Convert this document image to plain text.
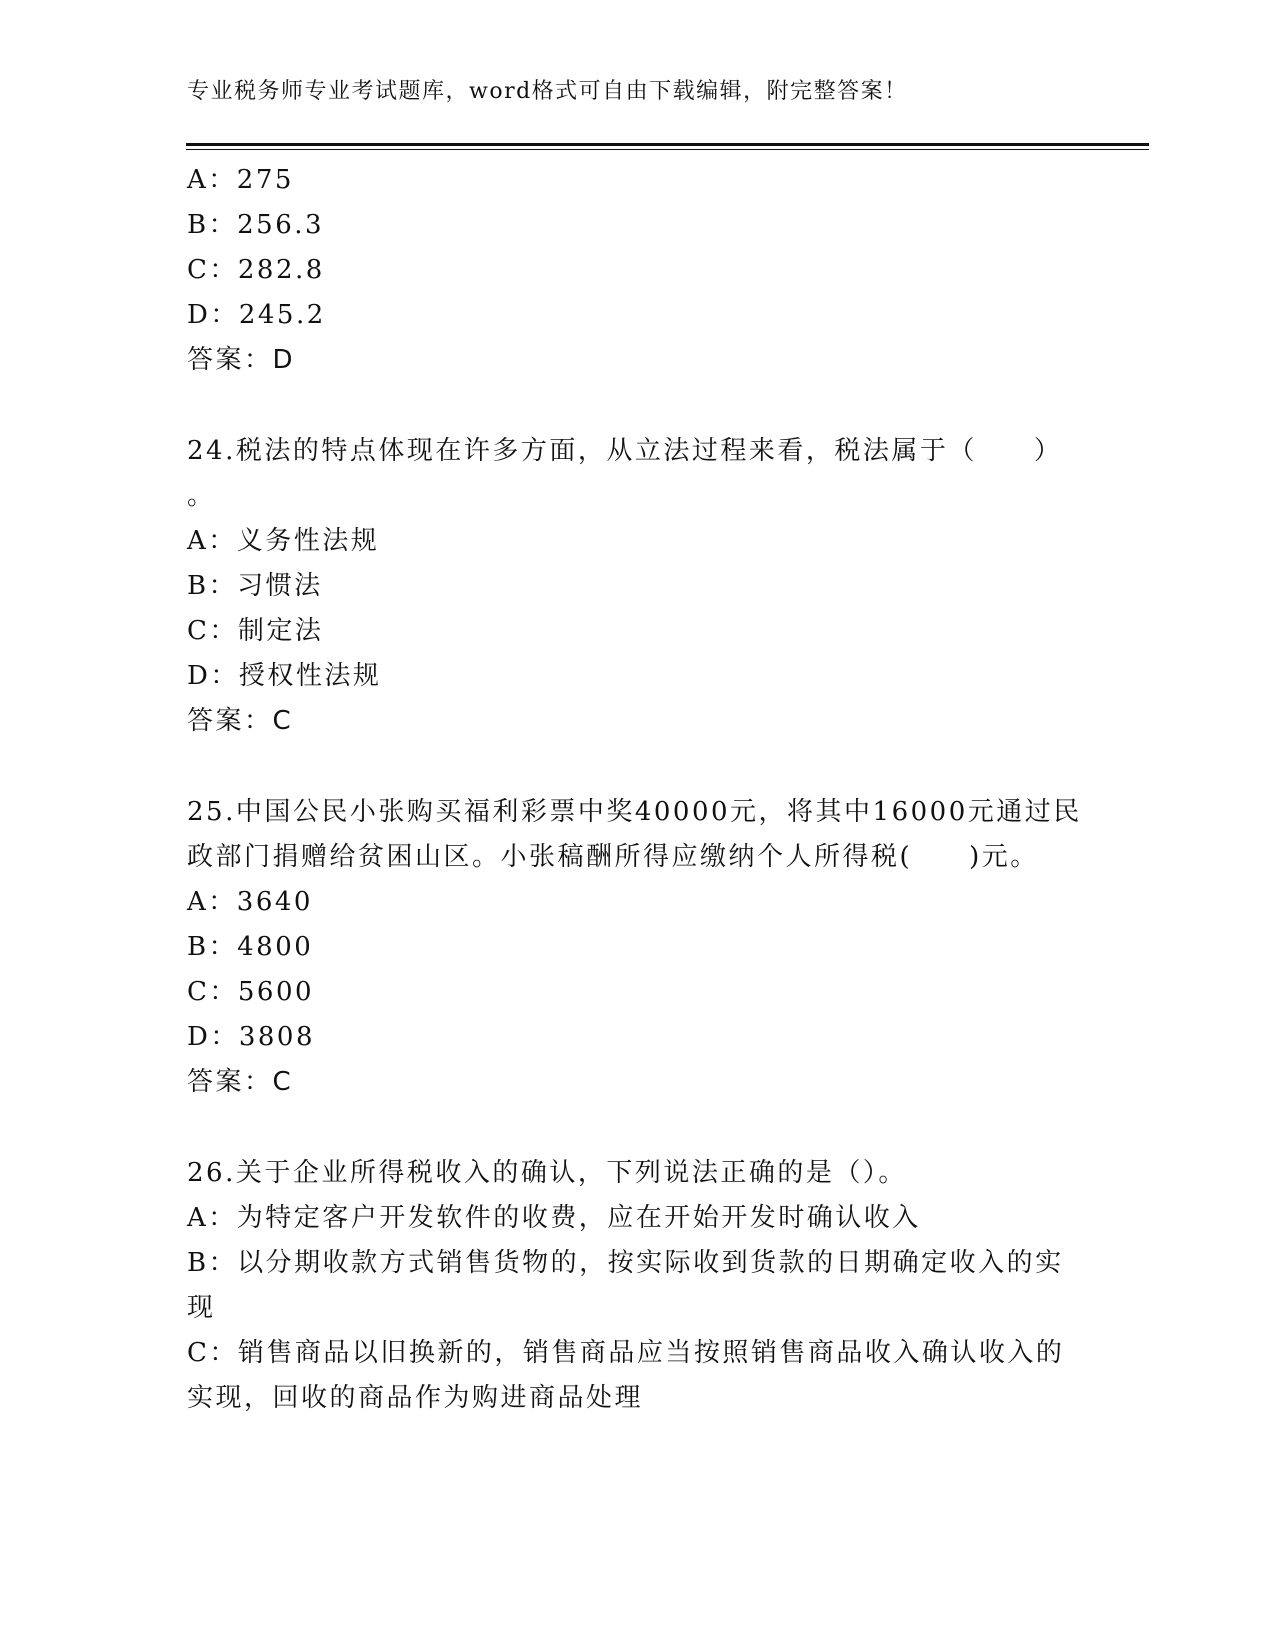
专业税务师专业考试题库，word格式可自由下载编辑，附完整答案！
A：275
B：256.3
C：282.8
D：245.2
答案：D
24.税法的特点体现在许多方面，从立法过程来看，税法属于（　　）
。
A：义务性法规
B：习惯法
C：制定法
D：授权性法规
答案：C
25.中国公民小张购买福利彩票中奖40000元，将其中16000元通过民
政部门捐赠给贫困山区。小张稿酬所得应缴纳个人所得税(　　)元。
A：3640
B：4800
C：5600
D：3808
答案：C
26.关于企业所得税收入的确认，下列说法正确的是（）。
A：为特定客户开发软件的收费，应在开始开发时确认收入
B：以分期收款方式销售货物的，按实际收到货款的日期确定收入的实
现
C：销售商品以旧换新的，销售商品应当按照销售商品收入确认收入的
实现，回收的商品作为购进商品处理
